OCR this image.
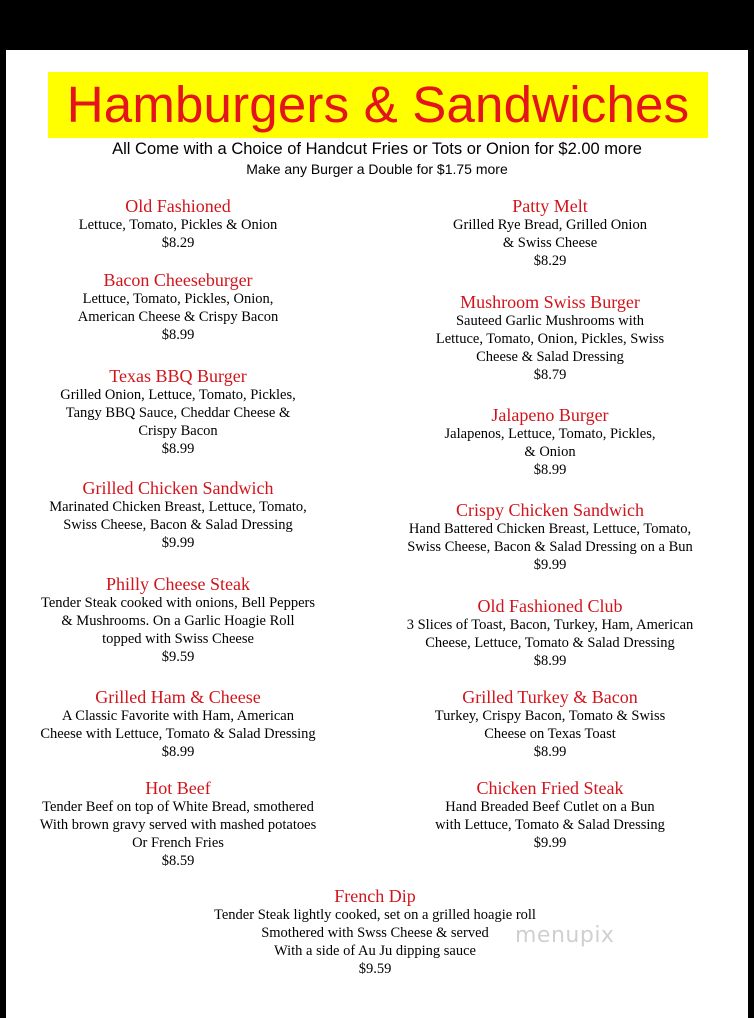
Hamburgers & Sandwiches
All Come with a Choice of Handcut Fries or Tots or Onion for $2.00 more
Make any Burger a Double for $1.75 more
Old Fashioned
Lettuce, Tomato, Pickles & Onion
$8.29
Bacon Cheeseburger
Lettuce, Tomato, Pickles, Onion,
American Cheese & Crispy Bacon
$8.99
Texas BBQ Burger
Grilled Onion, Lettuce, Tomato, Pickles,
Tangy BBQ Sauce, Cheddar Cheese &
Crispy Bacon
$8.99
Grilled Chicken Sandwich
Marinated Chicken Breast, Lettuce, Tomato,
Swiss Cheese, Bacon & Salad Dressing
$9.99
Philly Cheese Steak
Tender Steak cooked with onions, Bell Peppers
& Mushrooms. On a Garlic Hoagie Roll
topped with Swiss Cheese
$9.59
Grilled Ham & Cheese
A Classic Favorite with Ham, American
Cheese with Lettuce, Tomato & Salad Dressing
$8.99
Hot Beef
Tender Beef on top of White Bread, smothered
With brown gravy served with mashed potatoes
Or French Fries
$8.59
Patty Melt
Grilled Rye Bread, Grilled Onion
& Swiss Cheese
$8.29
Mushroom Swiss Burger
Sauteed Garlic Mushrooms with
Lettuce, Tomato, Onion, Pickles, Swiss
Cheese & Salad Dressing
$8.79
Jalapeno Burger
Jalapenos, Lettuce, Tomato, Pickles,
& Onion
$8.99
Crispy Chicken Sandwich
Hand Battered Chicken Breast, Lettuce, Tomato,
Swiss Cheese, Bacon & Salad Dressing on a Bun
$9.99
Old Fashioned Club
3 Slices of Toast, Bacon, Turkey, Ham, American
Cheese, Lettuce, Tomato & Salad Dressing
$8.99
Grilled Turkey & Bacon
Turkey, Crispy Bacon, Tomato & Swiss
Cheese on Texas Toast
$8.99
Chicken Fried Steak
Hand Breaded Beef Cutlet on a Bun
with Lettuce, Tomato & Salad Dressing
$9.99
French Dip
Tender Steak lightly cooked, set on a grilled hoagie roll
Smothered with Swss Cheese & served
With a side of Au Ju dipping sauce
$9.59
menupix
